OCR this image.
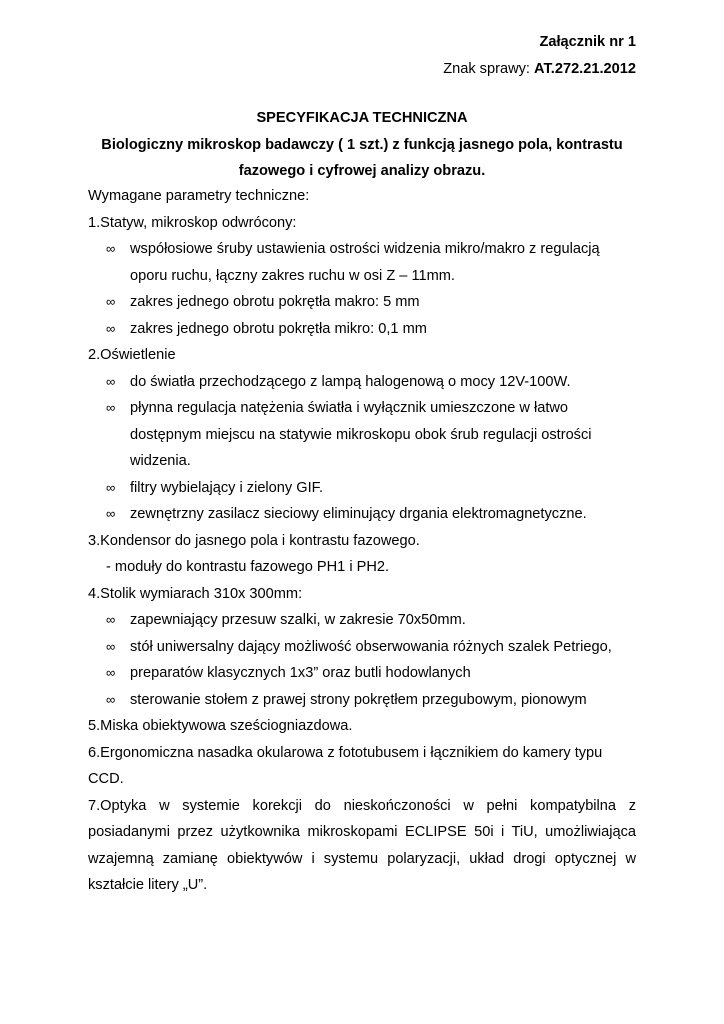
Załącznik nr 1
Znak sprawy: AT.272.21.2012
SPECYFIKACJA TECHNICZNA
Biologiczny mikroskop badawczy ( 1 szt.) z funkcją jasnego pola, kontrastu
fazowego i cyfrowej analizy obrazu.
Wymagane parametry techniczne:
1.Statyw, mikroskop odwrócony:
∞ współosiowe śruby ustawienia ostrości widzenia mikro/makro z regulacją
oporu ruchu, łączny zakres ruchu w osi Z – 11mm.
∞ zakres jednego obrotu pokrętła makro: 5 mm
∞ zakres jednego obrotu pokrętła mikro: 0,1 mm
2.Oświetlenie
∞ do światła przechodzącego z lampą halogenową o mocy 12V-100W.
∞ płynna regulacja natężenia światła i wyłącznik umieszczone w łatwo
dostępnym miejscu na statywie mikroskopu obok śrub regulacji ostrości
widzenia.
∞ filtry wybielający i zielony GIF.
∞ zewnętrzny zasilacz sieciowy eliminujący drgania elektromagnetyczne.
3.Kondensor do jasnego pola i kontrastu fazowego.
- moduły do kontrastu fazowego PH1 i PH2.
4.Stolik wymiarach 310x 300mm:
∞ zapewniający przesuw szalki, w zakresie 70x50mm.
∞ stół uniwersalny dający możliwość obserwowania różnych szalek Petriego,
∞ preparatów klasycznych 1x3” oraz butli hodowlanych
∞ sterowanie stołem z prawej strony pokrętłem przegubowym, pionowym
5.Miska obiektywowa sześciogniazdowa.
6.Ergonomiczna nasadka okularowa z fototubusem i łącznikiem do kamery typu
CCD.
7.Optyka w systemie korekcji do nieskończoności w pełni kompatybilna z
posiadanymi przez użytkownika mikroskopami ECLIPSE 50i i TiU, umożliwiająca
wzajemną zamianę obiektywów i systemu polaryzacji, układ drogi optycznej w
kształcie litery „U”.
